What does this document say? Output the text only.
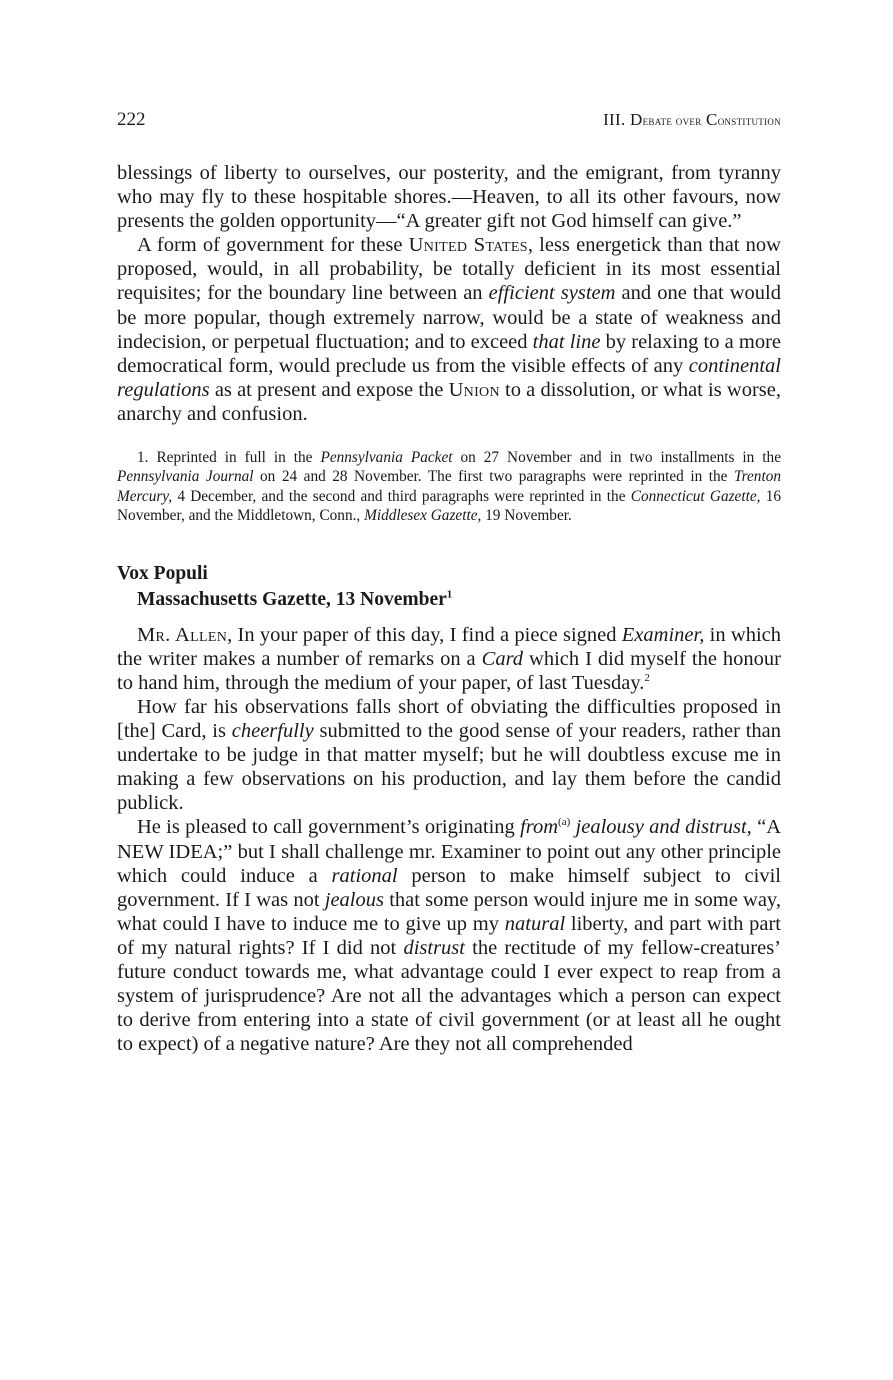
222	III. Debate over Constitution

blessings of liberty to ourselves, our posterity, and the emigrant, from tyranny who may fly to these hospitable shores.—Heaven, to all its other favours, now presents the golden opportunity—“A greater gift not God himself can give.”

A form of government for these United States, less energetick than that now proposed, would, in all probability, be totally deficient in its most essential requisites; for the boundary line between an efficient system and one that would be more popular, though extremely narrow, would be a state of weakness and indecision, or perpetual fluctuation; and to exceed that line by relaxing to a more democratical form, would preclude us from the visible effects of any continental regulations as at present and expose the Union to a dissolution, or what is worse, anarchy and confusion.

1. Reprinted in full in the Pennsylvania Packet on 27 November and in two installments in the Pennsylvania Journal on 24 and 28 November. The first two paragraphs were reprinted in the Trenton Mercury, 4 December, and the second and third paragraphs were reprinted in the Connecticut Gazette, 16 November, and the Middletown, Conn., Middlesex Gazette, 19 November.
Vox Populi
Massachusetts Gazette, 13 November$^1$

Mr. Allen, In your paper of this day, I find a piece signed Examiner, in which the writer makes a number of remarks on a Card which I did myself the honour to hand him, through the medium of your paper, of last Tuesday.$^2$

How far his observations falls short of obviating the difficulties proposed in [the] Card, is cheerfully submitted to the good sense of your readers, rather than undertake to be judge in that matter myself; but he will doubtless excuse me in making a few observations on his production, and lay them before the candid publick.

He is pleased to call government’s originating from$^{(a)}$ jealousy and distrust, “A NEW IDEA;” but I shall challenge mr. Examiner to point out any other principle which could induce a rational person to make himself subject to civil government. If I was not jealous that some person would injure me in some way, what could I have to induce me to give up my natural liberty, and part with part of my natural rights? If I did not distrust the rectitude of my fellow-creatures’ future conduct towards me, what advantage could I ever expect to reap from a system of jurisprudence? Are not all the advantages which a person can expect to derive from entering into a state of civil government (or at least all he ought to expect) of a negative nature? Are they not all comprehended
